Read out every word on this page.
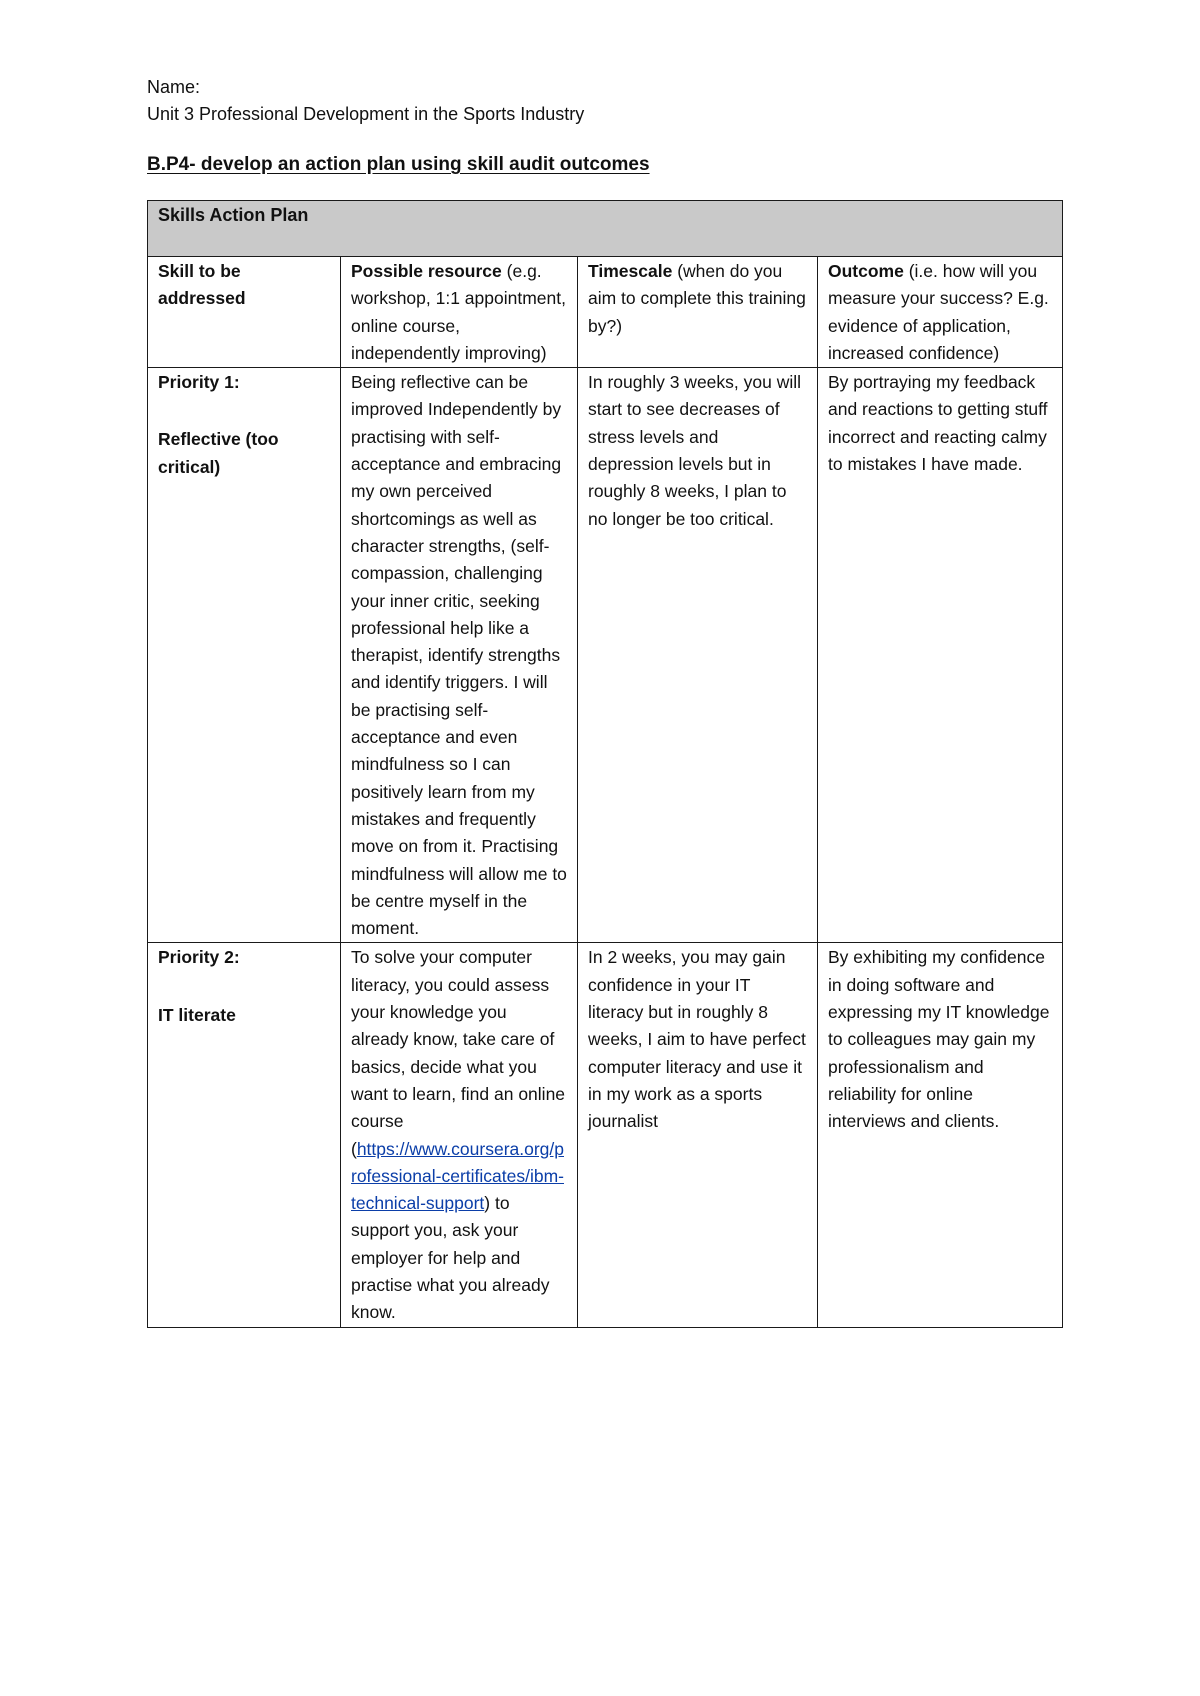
Name:
Unit 3 Professional Development in the Sports Industry
B.P4- develop an action plan using skill audit outcomes
Skills Action Plan			
Skill to be addressed	Possible resource (e.g. workshop, 1:1 appointment, online course, independently improving)	Timescale (when do you aim to complete this training by?)	Outcome (i.e. how will you measure your success? E.g. evidence of application, increased confidence)

Priority 1:
Reflective (too critical)	Being reflective can be improved Independently by practising with self-acceptance and embracing my own perceived shortcomings as well as character strengths, (self-compassion, challenging your inner critic, seeking professional help like a therapist, identify strengths and identify triggers. I will be practising self-acceptance and even mindfulness so I can positively learn from my mistakes and frequently move on from it. Practising mindfulness will allow me to be centre myself in the moment.	In roughly 3 weeks, you will start to see decreases of stress levels and depression levels but in roughly 8 weeks, I plan to no longer be too critical.	By portraying my feedback and reactions to getting stuff incorrect and reacting calmy to mistakes I have made.

Priority 2:
IT literate	To solve your computer literacy, you could assess your knowledge you already know, take care of basics, decide what you want to learn, find an online course (https://www.coursera.org/professional-certificates/ibm-technical-support) to support you, ask your employer for help and practise what you already know.	In 2 weeks, you may gain confidence in your IT literacy but in roughly 8 weeks, I aim to have perfect computer literacy and use it in my work as a sports journalist	By exhibiting my confidence in doing software and expressing my IT knowledge to colleagues may gain my professionalism and reliability for online interviews and clients.
